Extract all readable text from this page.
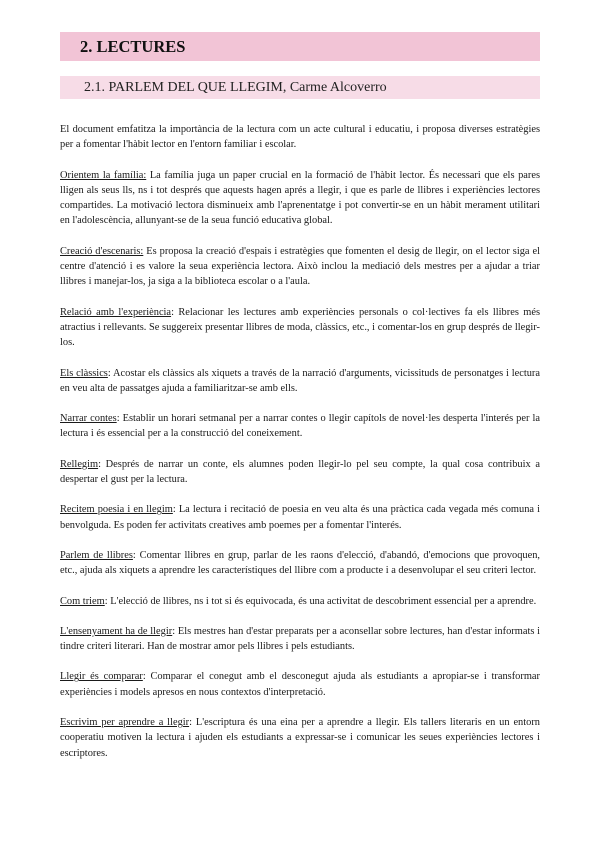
2. LECTURES
2.1. PARLEM DEL QUE LLEGIM, Carme Alcoverro

El document emfatitza la importància de la lectura com un acte cultural i educatiu, i proposa diverses estratègies per a fomentar l'hàbit lector en l'entorn familiar i escolar.

Orientem la família: La família juga un paper crucial en la formació de l'hàbit lector. És necessari que els pares lligen als seus lls, ns i tot després que aquests hagen aprés a llegir, i que es parle de llibres i experiències lectores compartides. La motivació lectora disminueix amb l'aprenentatge i pot convertir-se en un hàbit merament utilitari en l'adolescència, allunyant-se de la seua funció educativa global.

Creació d'escenaris: Es proposa la creació d'espais i estratègies que fomenten el desig de llegir, on el lector siga el centre d'atenció i es valore la seua experiència lectora. Això inclou la mediació dels mestres per a ajudar a triar llibres i manejar-los, ja siga a la biblioteca escolar o a l'aula.

Relació amb l'experiència: Relacionar les lectures amb experiències personals o col·lectives fa els llibres més atractius i rellevants. Se suggereix presentar llibres de moda, clàssics, etc., i comentar-los en grup després de llegir-los.

Els clàssics: Acostar els clàssics als xiquets a través de la narració d'arguments, vicissituds de personatges i lectura en veu alta de passatges ajuda a familiaritzar-se amb ells.

Narrar contes: Establir un horari setmanal per a narrar contes o llegir capítols de novel·les desperta l'interés per la lectura i és essencial per a la construcció del coneixement.

Rellegim: Després de narrar un conte, els alumnes poden llegir-lo pel seu compte, la qual cosa contribuix a despertar el gust per la lectura.

Recitem poesia i en llegim: La lectura i recitació de poesia en veu alta és una pràctica cada vegada més comuna i benvolguda. Es poden fer activitats creatives amb poemes per a fomentar l'interés.

Parlem de llibres: Comentar llibres en grup, parlar de les raons d'elecció, d'abandó, d'emocions que provoquen, etc., ajuda als xiquets a aprendre les característiques del llibre com a producte i a desenvolupar el seu criteri lector.

Com triem: L'elecció de llibres, ns i tot si és equivocada, és una activitat de descobriment essencial per a aprendre.

L'ensenyament ha de llegir: Els mestres han d'estar preparats per a aconsellar sobre lectures, han d'estar informats i tindre criteri literari. Han de mostrar amor pels llibres i pels estudiants.

Llegir és comparar: Comparar el conegut amb el desconegut ajuda als estudiants a apropiar-se i transformar experiències i models apresos en nous contextos d'interpretació.

Escrivim per aprendre a llegir: L'escriptura és una eina per a aprendre a llegir. Els tallers literaris en un entorn cooperatiu motiven la lectura i ajuden els estudiants a expressar-se i comunicar les seues experiències lectores i escriptores.
